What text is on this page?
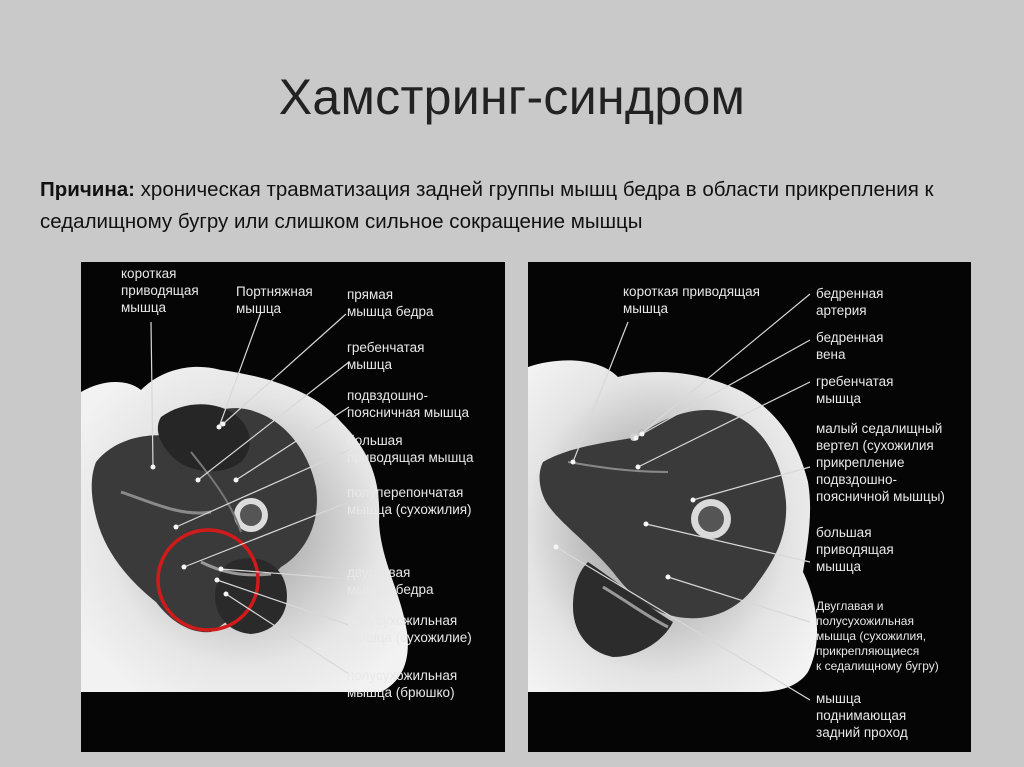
Хамстринг-синдром
Причина: хроническая травматизация задней группы мышц бедра в области прикрепления к седалищному бугру или слишком сильное сокращение мышцы
короткая
приводящая
мышца
Портняжная
мышца
прямая
мышца бедра
гребенчатая
мышца
подвздошно-
поясничная мышца
большая
приводящая мышца
полуперепончатая
мышца (сухожилия)
двуглавая
мышца бедра
полусухожильная
мышца (сухожилие)
полусухожильная
мышца (брюшко)
короткая приводящая
мышца
бедренная
артерия
бедренная
вена
гребенчатая
мышца
малый седалищный
вертел (сухожилия
прикрепление
подвздошно-
поясничной мышцы)
большая
приводящая
мышца
Двуглавая и
полусухожильная
мышца (сухожилия,
прикрепляющиеся
к седалищному бугру)
мышца
поднимающая
задний проход
